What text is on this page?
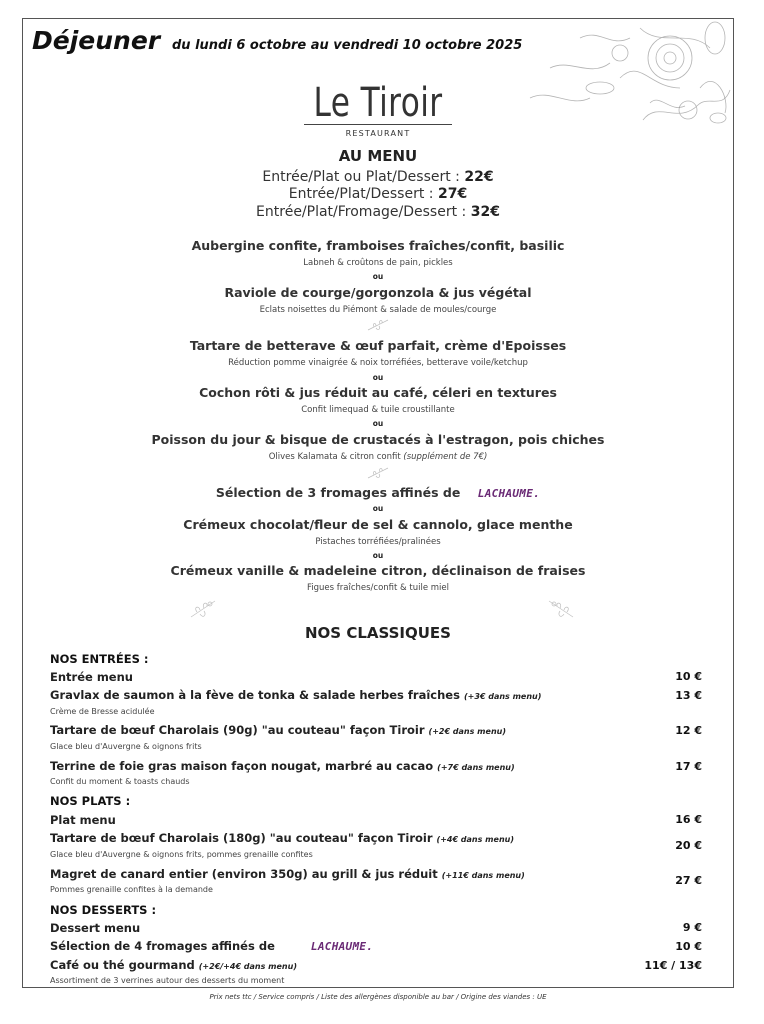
Déjeuner du lundi 6 octobre au vendredi 10 octobre 2025
Le Tiroir
RESTAURANT
AU MENU
Entrée/Plat ou Plat/Dessert : 22€
Entrée/Plat/Dessert : 27€
Entrée/Plat/Fromage/Dessert : 32€
Aubergine confite, framboises fraîches/confit, basilic
Labneh & croûtons de pain, pickles
ou
Raviole de courge/gorgonzola & jus végétal
Eclats noisettes du Piémont & salade de moules/courge
Tartare de betterave & œuf parfait, crème d'Epoisses
Réduction pomme vinaigrée & noix torréfiées, betterave voile/ketchup
ou
Cochon rôti & jus réduit au café, céleri en textures
Confit limequad & tuile croustillante
ou
Poisson du jour & bisque de crustacés à l'estragon, pois chiches
Olives Kalamata & citron confit (supplément de 7€)
Sélection de 3 fromages affinés de LACHAUME.
ou
Crémeux chocolat/fleur de sel & cannolo, glace menthe
Pistaches torréfiées/pralinées
ou
Crémeux vanille & madeleine citron, déclinaison de fraises
Figues fraîches/confit & tuile miel
NOS CLASSIQUES
NOS ENTRÉES :
Entrée menu	10 €
Gravlax de saumon à la fève de tonka & salade herbes fraîches (+3€ dans menu)	13 €
Crème de Bresse acidulée
Tartare de bœuf Charolais (90g) "au couteau" façon Tiroir (+2€ dans menu)	12 €
Glace bleu d'Auvergne & oignons frits
Terrine de foie gras maison façon nougat, marbré au cacao (+7€ dans menu)	17 €
Confit du moment & toasts chauds
NOS PLATS :
Plat menu	16 €
Tartare de bœuf Charolais (180g) "au couteau" façon Tiroir (+4€ dans menu)	20 €
Glace bleu d'Auvergne & oignons frits, pommes grenaille confites
Magret de canard entier (environ 350g) au grill & jus réduit (+11€ dans menu)	27 €
Pommes grenaille confites à la demande
NOS DESSERTS :
Dessert menu	9 €
Sélection de 4 fromages affinés de	LACHAUME.	10 €
Café ou thé gourmand (+2€/+4€ dans menu)	11€ / 13€
Assortiment de 3 verrines autour des desserts du moment
Prix nets ttc / Service compris / Liste des allergènes disponible au bar / Origine des viandes : UE
